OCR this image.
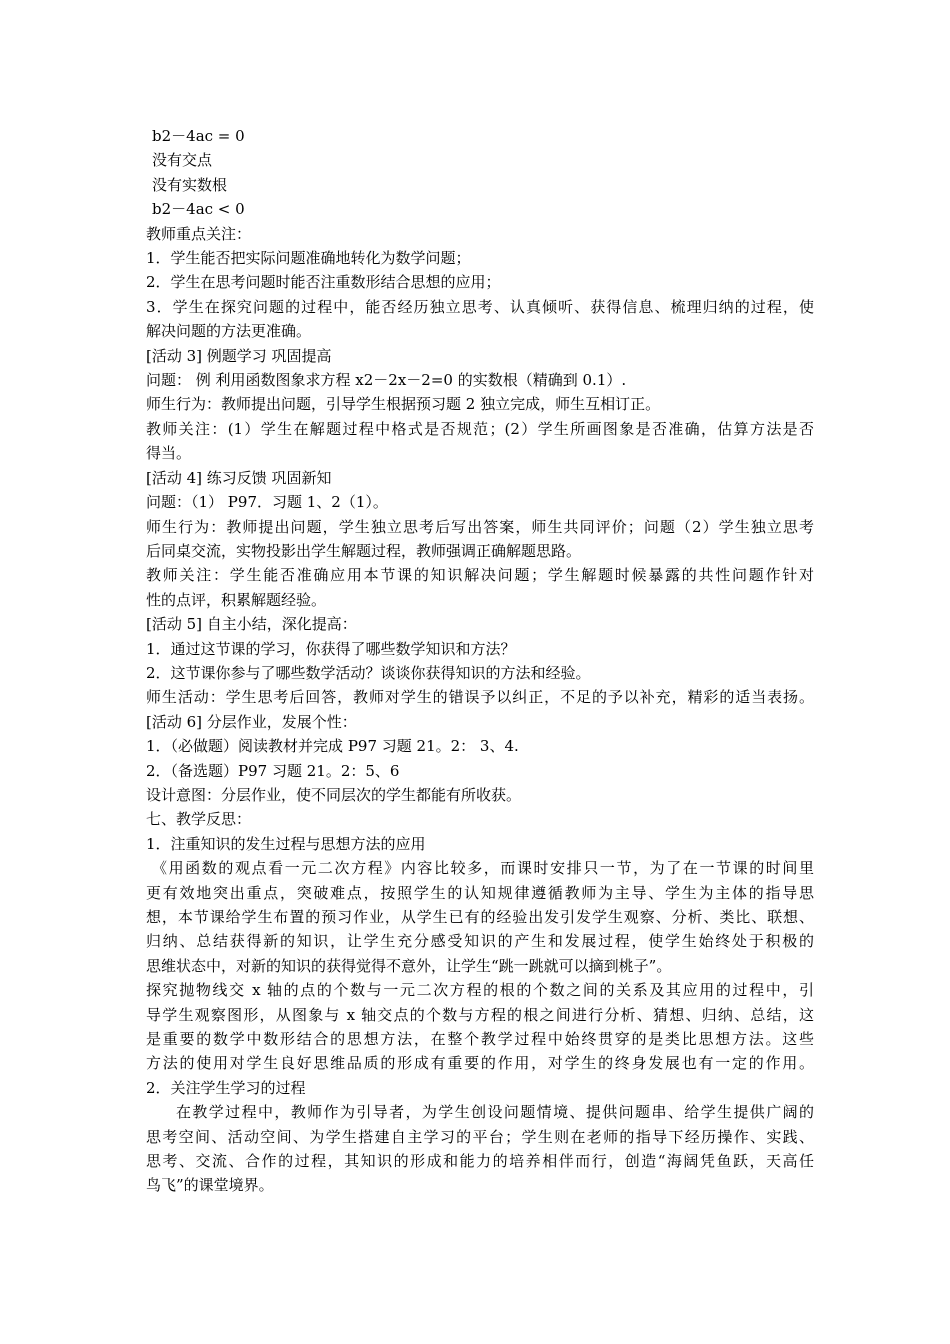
b2－4ac = 0
没有交点
没有实数根
b2－4ac < 0
教师重点关注：
1．学生能否把实际问题准确地转化为数学问题；
2．学生在思考问题时能否注重数形结合思想的应用；
3．学生在探究问题的过程中，能否经历独立思考、认真倾听、获得信息、梳理归纳的过程，使
解决问题的方法更准确。
[活动 3] 例题学习 巩固提高
问题： 例 利用函数图象求方程 x2－2x－2=0 的实数根（精确到 0.1）.
师生行为：教师提出问题，引导学生根据预习题 2 独立完成，师生互相订正。
教师关注：(1）学生在解题过程中格式是否规范；(2）学生所画图象是否准确，估算方法是否
得当。
[活动 4] 练习反馈 巩固新知
问题：（1） P97．习题 1、2（1）。
师生行为：教师提出问题，学生独立思考后写出答案，师生共同评价；问题（2）学生独立思考
后同桌交流，实物投影出学生解题过程，教师强调正确解题思路。
教师关注：学生能否准确应用本节课的知识解决问题；学生解题时候暴露的共性问题作针对
性的点评，积累解题经验。
[活动 5] 自主小结，深化提高：
1．通过这节课的学习，你获得了哪些数学知识和方法？
2．这节课你参与了哪些数学活动？谈谈你获得知识的方法和经验。
师生活动：学生思考后回答，教师对学生的错误予以纠正，不足的予以补充，精彩的适当表扬。
[活动 6] 分层作业，发展个性：
1．（必做题）阅读教材并完成 P97 习题 21。2： 3、4.
2．（备选题）P97 习题 21。2：5、6
设计意图：分层作业，使不同层次的学生都能有所收获。
七、教学反思：
1．注重知识的发生过程与思想方法的应用
《用函数的观点看一元二次方程》内容比较多，而课时安排只一节，为了在一节课的时间里
更有效地突出重点，突破难点，按照学生的认知规律遵循教师为主导、学生为主体的指导思
想，本节课给学生布置的预习作业，从学生已有的经验出发引发学生观察、分析、类比、联想、
归纳、总结获得新的知识，让学生充分感受知识的产生和发展过程，使学生始终处于积极的
思维状态中，对新的知识的获得觉得不意外，让学生“跳一跳就可以摘到桃子”。
探究抛物线交 x 轴的点的个数与一元二次方程的根的个数之间的关系及其应用的过程中，引
导学生观察图形，从图象与 x 轴交点的个数与方程的根之间进行分析、猜想、归纳、总结，这
是重要的数学中数形结合的思想方法，在整个教学过程中始终贯穿的是类比思想方法。这些
方法的使用对学生良好思维品质的形成有重要的作用，对学生的终身发展也有一定的作用。
2．关注学生学习的过程
在教学过程中，教师作为引导者，为学生创设问题情境、提供问题串、给学生提供广阔的
思考空间、活动空间、为学生搭建自主学习的平台；学生则在老师的指导下经历操作、实践、
思考、交流、合作的过程，其知识的形成和能力的培养相伴而行，创造“海阔凭鱼跃，天高任
鸟飞”的课堂境界。
